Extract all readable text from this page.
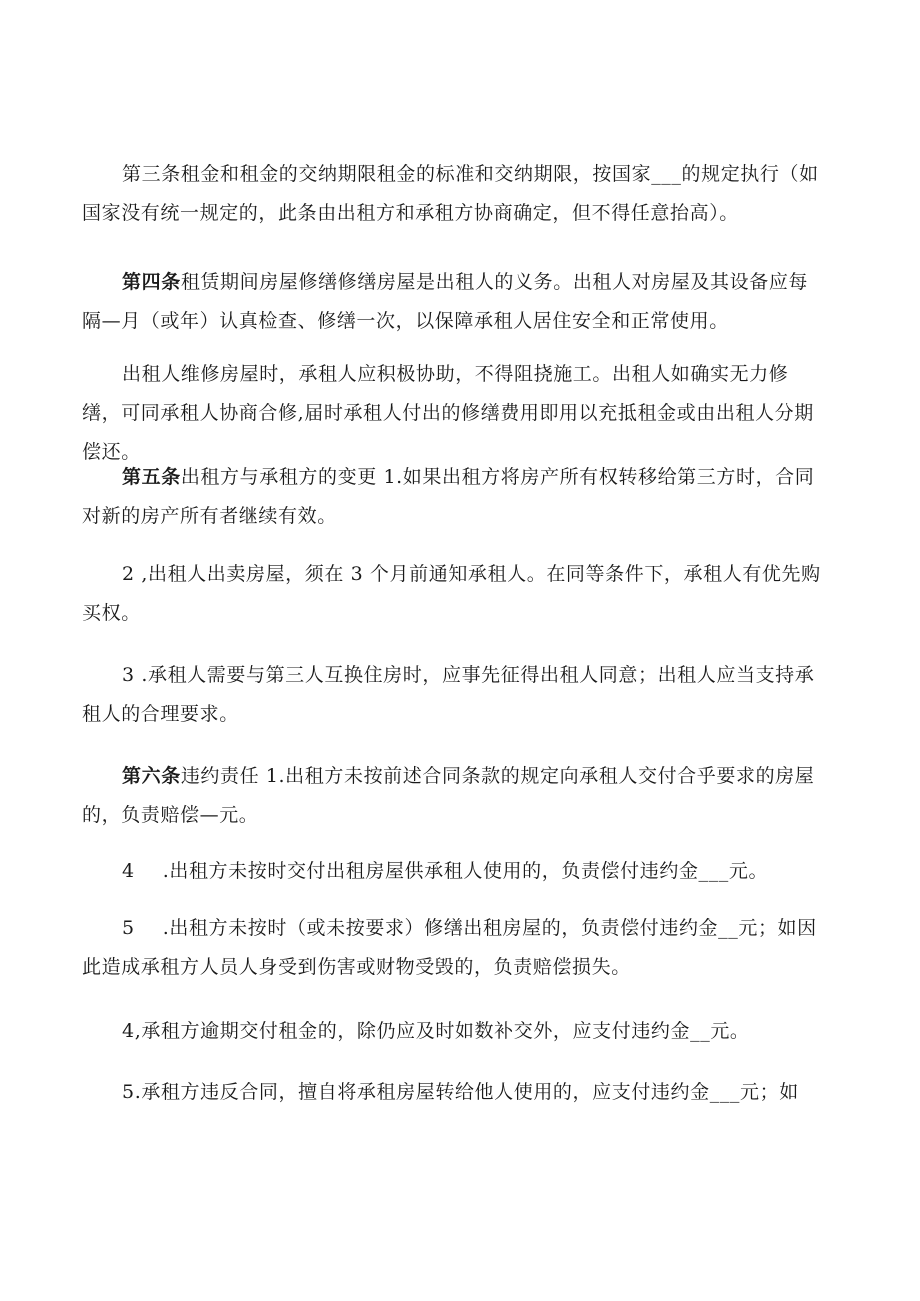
第三条租金和租金的交纳期限租金的标准和交纳期限，按国家___的规定执行（如国家没有统一规定的，此条由出租方和承租方协商确定，但不得任意抬高）。

第四条租赁期间房屋修缮修缮房屋是出租人的义务。出租人对房屋及其设备应每隔—月（或年）认真检查、修缮一次，以保障承租人居住安全和正常使用。

出租人维修房屋时，承租人应积极协助，不得阻挠施工。出租人如确实无力修缮，可同承租人协商合修,届时承租人付出的修缮费用即用以充抵租金或由出租人分期偿还。

第五条出租方与承租方的变更 1.如果出租方将房产所有权转移给第三方时，合同对新的房产所有者继续有效。

2 ,出租人出卖房屋，须在 3 个月前通知承租人。在同等条件下，承租人有优先购买权。

3 .承租人需要与第三人互换住房时，应事先征得出租人同意；出租人应当支持承租人的合理要求。

第六条违约责任 1.出租方未按前述合同条款的规定向承租人交付合乎要求的房屋的，负责赔偿—元。

4 .出租方未按时交付出租房屋供承租人使用的，负责偿付违约金___元。

5 .出租方未按时（或未按要求）修缮出租房屋的，负责偿付违约金__元；如因此造成承租方人员人身受到伤害或财物受毁的，负责赔偿损失。

4,承租方逾期交付租金的，除仍应及时如数补交外，应支付违约金__元。

5.承租方违反合同，擅自将承租房屋转给他人使用的，应支付违约金___元；如
